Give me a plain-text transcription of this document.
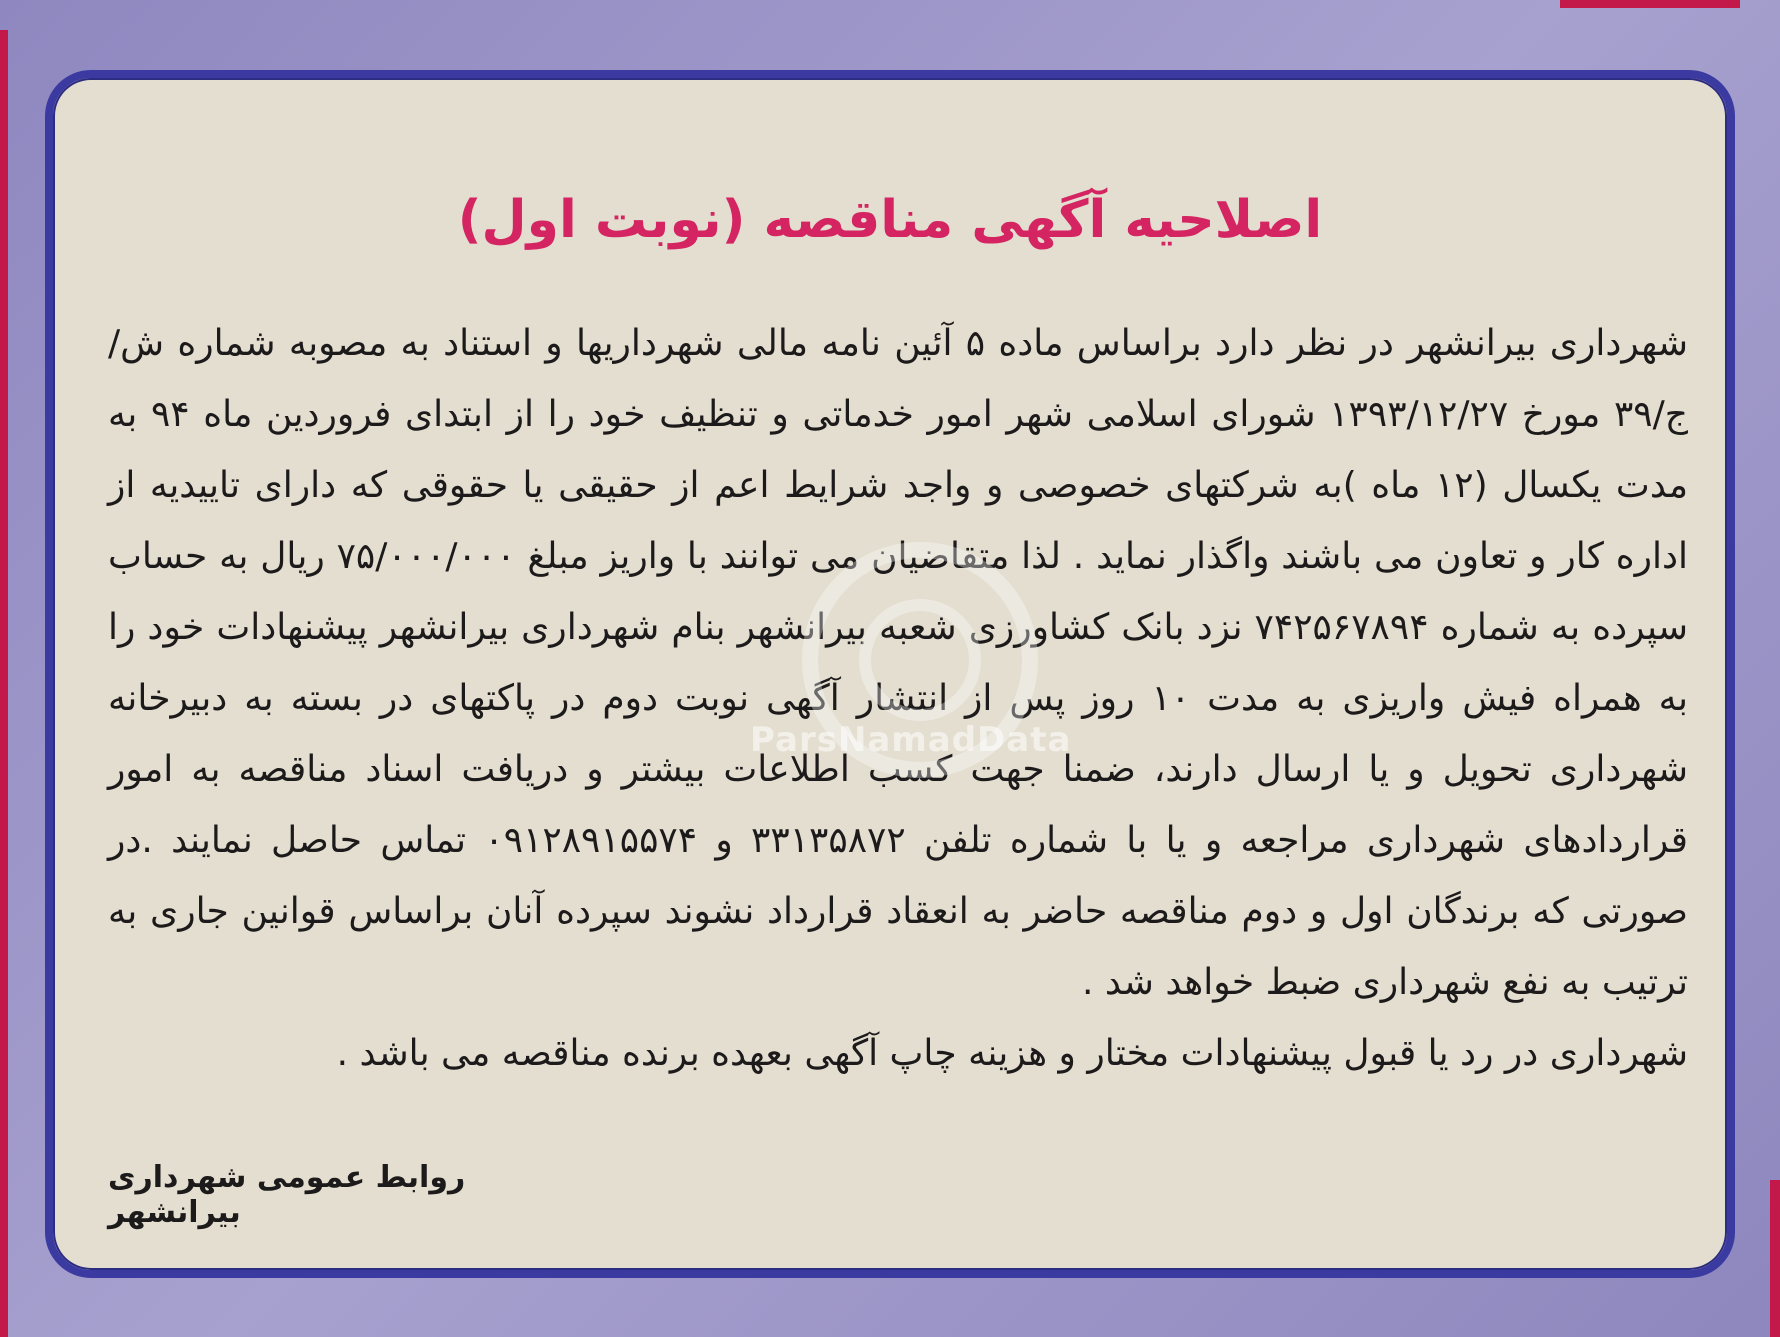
اصلاحیه آگهی مناقصه (نوبت اول)

شهرداری بیرانشهر در نظر دارد براساس ماده ۵ آئین نامه مالی شهرداریها و استناد به مصوبه شماره ش/ج/۳۹ مورخ ۱۳۹۳/۱۲/۲۷ شورای اسلامی شهر امور خدماتی و تنظیف خود را از ابتدای فروردین ماه ۹۴ به مدت یکسال (۱۲ ماه )به شرکتهای خصوصی و واجد شرایط اعم از حقیقی یا حقوقی که دارای تاییدیه از اداره کار و تعاون می باشند واگذار نماید . لذا متقاضیان می توانند با واریز مبلغ ۷۵/۰۰۰/۰۰۰ ریال به حساب سپرده به شماره ۷۴۲۵۶۷۸۹۴ نزد بانک کشاورزی شعبه بیرانشهر بنام شهرداری بیرانشهر پیشنهادات خود را به همراه فیش واریزی به مدت ۱۰ روز پس از انتشار آگهی نوبت دوم در پاکتهای در بسته به دبیرخانه شهرداری تحویل و یا ارسال دارند، ضمنا جهت کسب اطلاعات بیشتر و دریافت اسناد مناقصه به امور قراردادهای شهرداری مراجعه و یا با شماره تلفن ۳۳۱۳۵۸۷۲ و ۰۹۱۲۸۹۱۵۵۷۴ تماس حاصل نمایند .در صورتی که برندگان اول و دوم مناقصه حاضر به انعقاد قرارداد نشوند سپرده آنان براساس قوانین جاری به ترتیب به نفع شهرداری ضبط خواهد شد .

شهرداری در رد یا قبول پیشنهادات مختار و هزینه چاپ آگهی بعهده برنده مناقصه می باشد .
روابط عمومی شهرداری بیرانشهر
ParsNamadData
